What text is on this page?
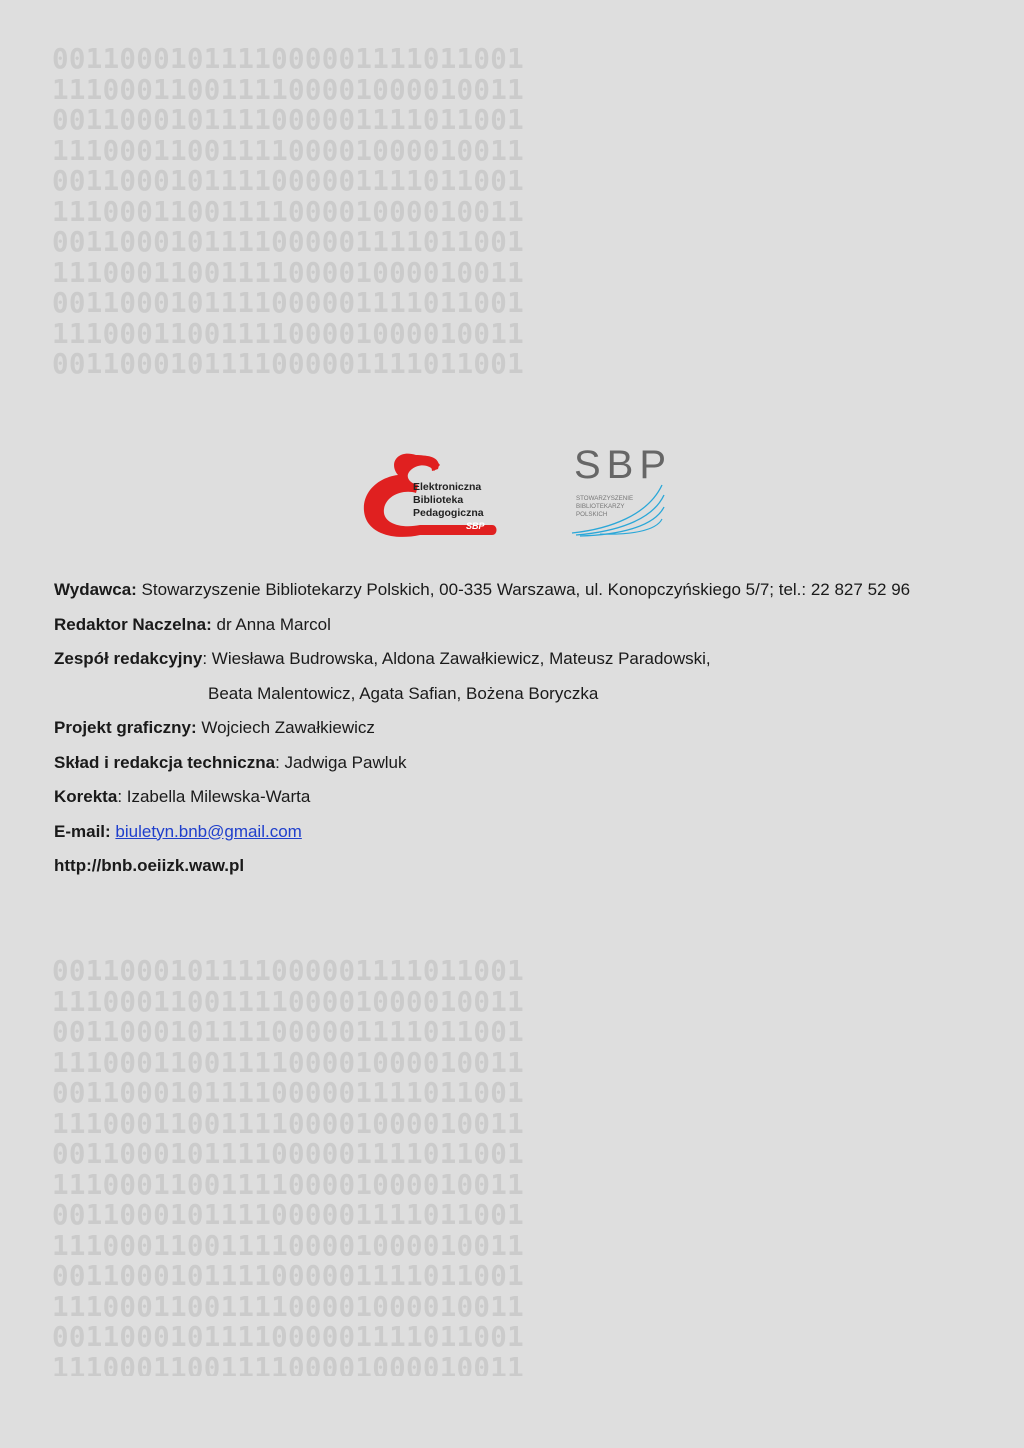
0011000101111000001111011001
1110001100111100001000010011
0011000101111000001111011001
1110001100111100001000010011
0011000101111000001111011001
1110001100111100001000010011
0011000101111000001111011001
1110001100111100001000010011
0011000101111000001111011001
1110001100111100001000010011
0011000101111000001111011001
0011000101111000001111011001
1110001100111100001000010011
0011000101111000001111011001
1110001100111100001000010011
0011000101111000001111011001
1110001100111100001000010011
0011000101111000001111011001
1110001100111100001000010011
0011000101111000001111011001
1110001100111100001000010011
0011000101111000001111011001
1110001100111100001000010011
0011000101111000001111011001
1110001100111100001000010011
Elektroniczna
Biblioteka
Pedagogiczna
SBP
SBP
STOWARZYSZENIE
BIBLIOTEKARZY
POLSKICH
Wydawca: Stowarzyszenie Bibliotekarzy Polskich, 00-335 Warszawa, ul. Konopczyńskiego 5/7; tel.: 22 827 52 96
Redaktor Naczelna: dr Anna Marcol
Zespół redakcyjny: Wiesława Budrowska, Aldona Zawałkiewicz, Mateusz Paradowski,
Beata Malentowicz, Agata Safian, Bożena Boryczka
Projekt graficzny: Wojciech Zawałkiewicz
Skład i redakcja techniczna: Jadwiga Pawluk
Korekta: Izabella Milewska-Warta
E-mail: biuletyn.bnb@gmail.com
http://bnb.oeiizk.waw.pl
